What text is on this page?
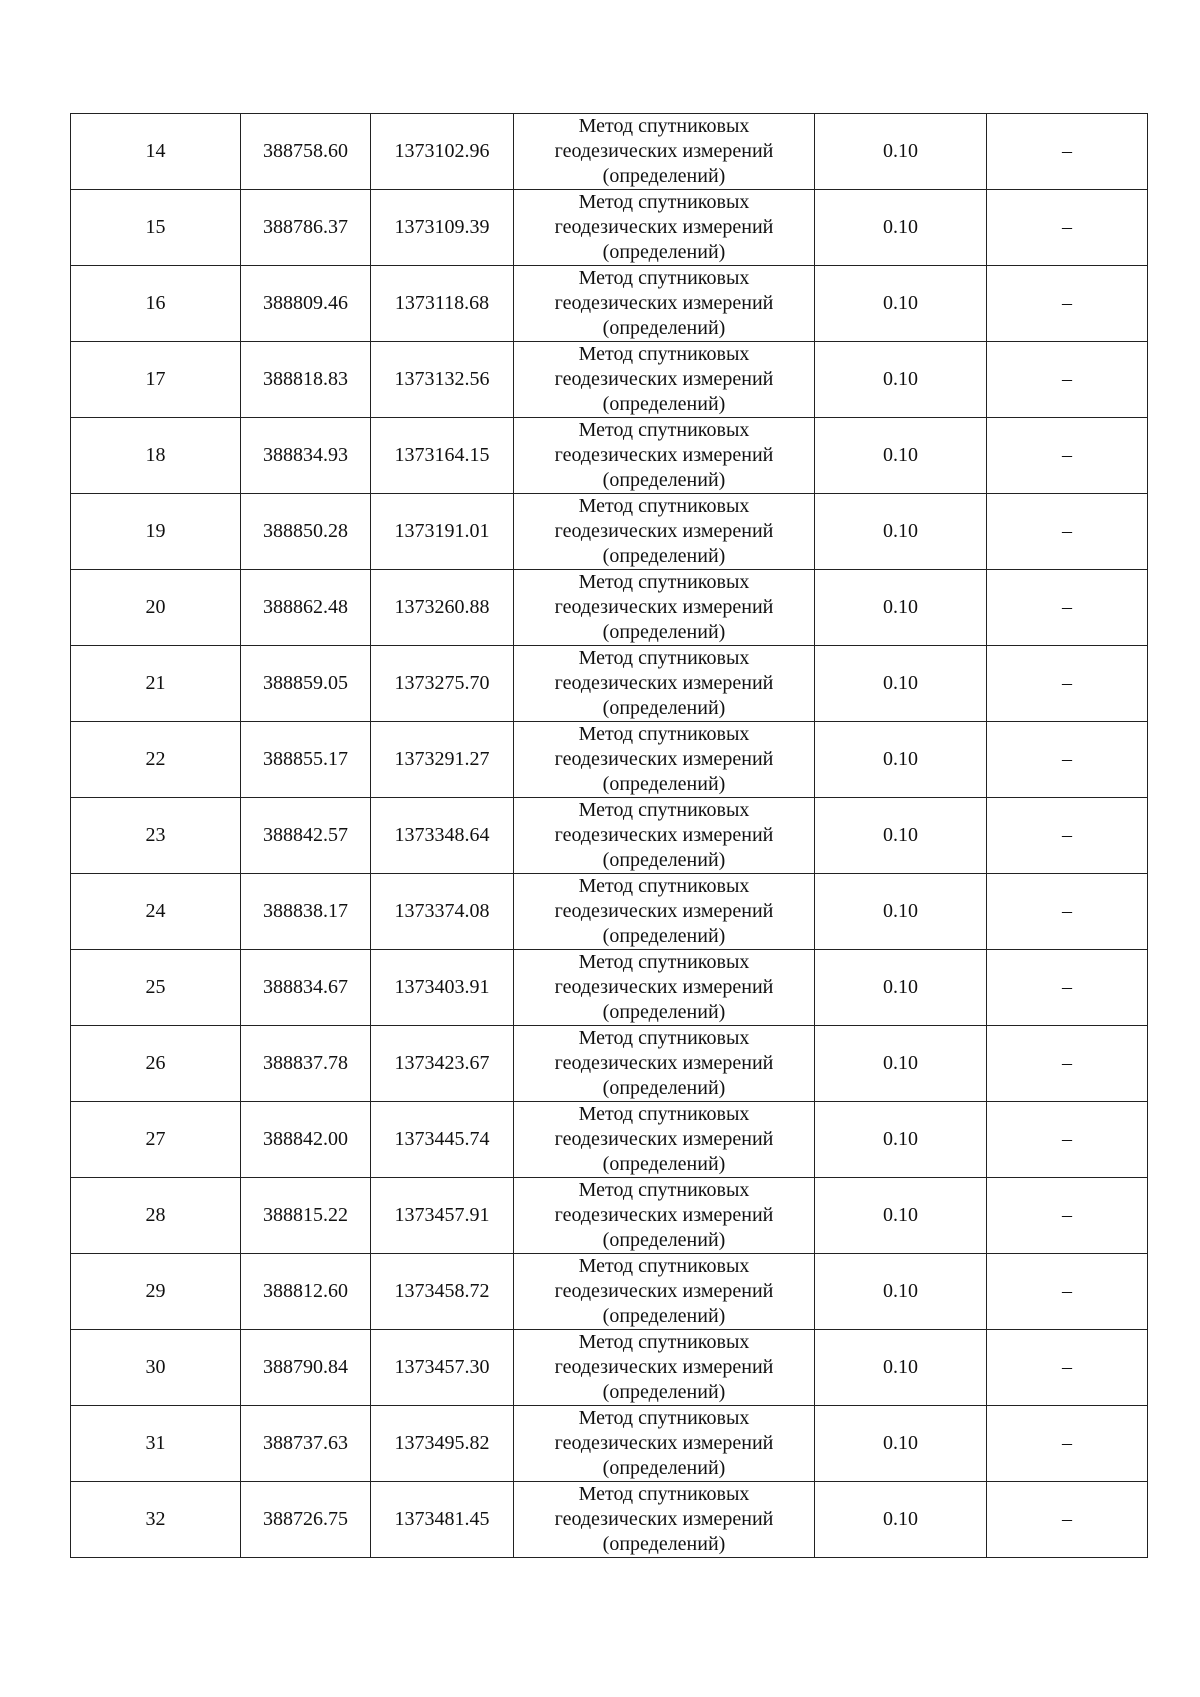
14	388758.60	1373102.96	Метод спутниковых
геодезических измерений
(определений)	0.10	–
15	388786.37	1373109.39	Метод спутниковых
геодезических измерений
(определений)	0.10	–
16	388809.46	1373118.68	Метод спутниковых
геодезических измерений
(определений)	0.10	–
17	388818.83	1373132.56	Метод спутниковых
геодезических измерений
(определений)	0.10	–
18	388834.93	1373164.15	Метод спутниковых
геодезических измерений
(определений)	0.10	–
19	388850.28	1373191.01	Метод спутниковых
геодезических измерений
(определений)	0.10	–
20	388862.48	1373260.88	Метод спутниковых
геодезических измерений
(определений)	0.10	–
21	388859.05	1373275.70	Метод спутниковых
геодезических измерений
(определений)	0.10	–
22	388855.17	1373291.27	Метод спутниковых
геодезических измерений
(определений)	0.10	–
23	388842.57	1373348.64	Метод спутниковых
геодезических измерений
(определений)	0.10	–
24	388838.17	1373374.08	Метод спутниковых
геодезических измерений
(определений)	0.10	–
25	388834.67	1373403.91	Метод спутниковых
геодезических измерений
(определений)	0.10	–
26	388837.78	1373423.67	Метод спутниковых
геодезических измерений
(определений)	0.10	–
27	388842.00	1373445.74	Метод спутниковых
геодезических измерений
(определений)	0.10	–
28	388815.22	1373457.91	Метод спутниковых
геодезических измерений
(определений)	0.10	–
29	388812.60	1373458.72	Метод спутниковых
геодезических измерений
(определений)	0.10	–
30	388790.84	1373457.30	Метод спутниковых
геодезических измерений
(определений)	0.10	–
31	388737.63	1373495.82	Метод спутниковых
геодезических измерений
(определений)	0.10	–
32	388726.75	1373481.45	Метод спутниковых
геодезических измерений
(определений)	0.10	–
